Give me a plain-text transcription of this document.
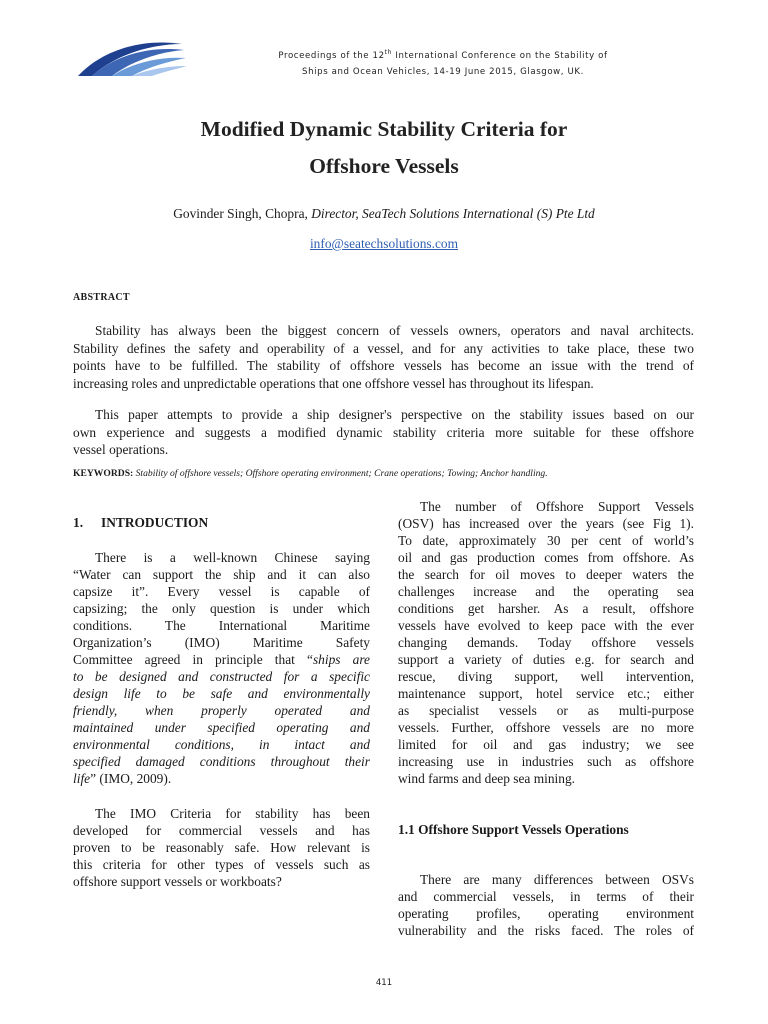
Proceedings of the 12th International Conference on the Stability of
Ships and Ocean Vehicles, 14-19 June 2015, Glasgow, UK.
Modified Dynamic Stability Criteria for
Offshore Vessels
Govinder Singh, Chopra, Director, SeaTech Solutions International (S) Pte Ltd
info@seatechsolutions.com
ABSTRACT
Stability has always been the biggest concern of vessels owners, operators and naval architects.
Stability defines the safety and operability of a vessel, and for any activities to take place, these two
points have to be fulfilled. The stability of offshore vessels has become an issue with the trend of
increasing roles and unpredictable operations that one offshore vessel has throughout its lifespan.
This paper attempts to provide a ship designer's perspective on the stability issues based on our
own experience and suggests a modified dynamic stability criteria more suitable for these offshore
vessel operations.
KEYWORDS: Stability of offshore vessels; Offshore operating environment; Crane operations; Towing; Anchor handling.
1. INTRODUCTION
There is a well-known Chinese saying
“Water can support the ship and it can also
capsize it”. Every vessel is capable of
capsizing; the only question is under which
conditions. The International Maritime
Organization’s (IMO) Maritime Safety
Committee agreed in principle that “ships are
to be designed and constructed for a specific
design life to be safe and environmentally
friendly, when properly operated and
maintained under specified operating and
environmental conditions, in intact and
specified damaged conditions throughout their
life” (IMO, 2009).
The IMO Criteria for stability has been
developed for commercial vessels and has
proven to be reasonably safe. How relevant is
this criteria for other types of vessels such as
offshore support vessels or workboats?
The number of Offshore Support Vessels
(OSV) has increased over the years (see Fig 1).
To date, approximately 30 per cent of world’s
oil and gas production comes from offshore. As
the search for oil moves to deeper waters the
challenges increase and the operating sea
conditions get harsher. As a result, offshore
vessels have evolved to keep pace with the ever
changing demands. Today offshore vessels
support a variety of duties e.g. for search and
rescue, diving support, well intervention,
maintenance support, hotel service etc.; either
as specialist vessels or as multi-purpose
vessels. Further, offshore vessels are no more
limited for oil and gas industry; we see
increasing use in industries such as offshore
wind farms and deep sea mining.
1.1 Offshore Support Vessels Operations
There are many differences between OSVs
and commercial vessels, in terms of their
operating profiles, operating environment
vulnerability and the risks faced. The roles of
411
